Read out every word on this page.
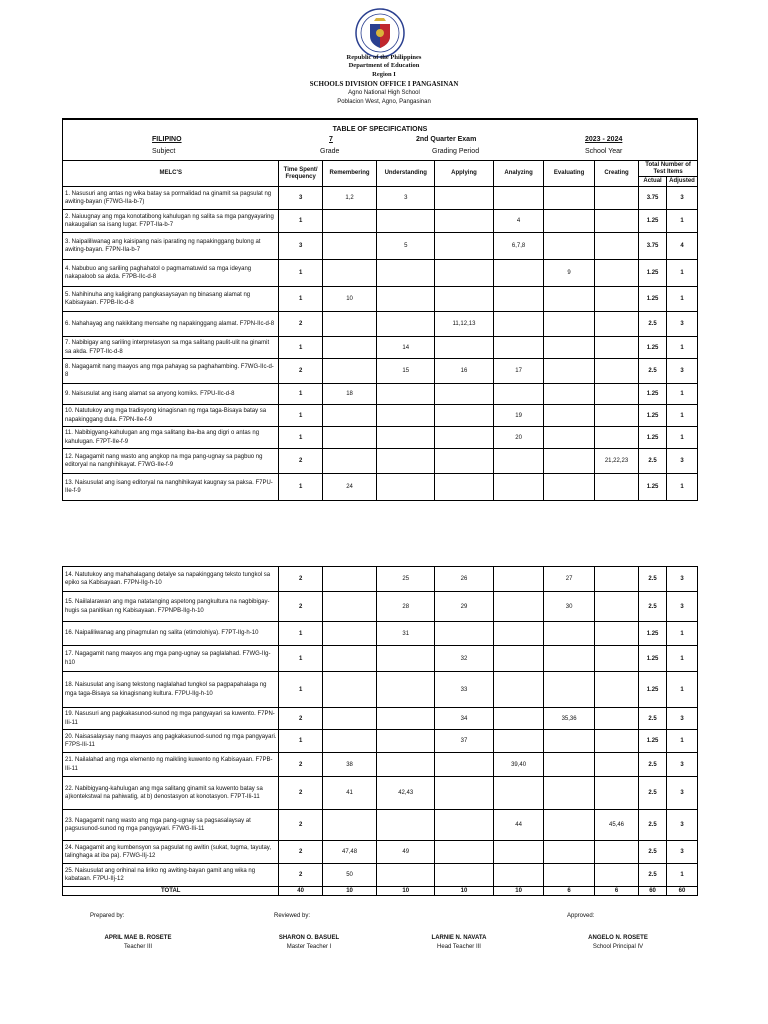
Republic of the Philippines
Department of Education
Region I
SCHOOLS DIVISION OFFICE I PANGASINAN
Agno National High School
Poblacion West, Agno, Pangasinan
TABLE OF SPECIFICATIONS
FILIPINO
Subject
7
Grade
2nd Quarter Exam
Grading Period
2023 - 2024
School Year
MELC'S	Time Spent/ Frequency	Remembering	Understanding	Applying	Analyzing	Evaluating	Creating	Total Number of Test Items	
								Actual	Adjusted
1. Nasusuri ang antas ng wika batay sa pormalidad na ginamit sa pagsulat ng awiting-bayan (F7WG-IIa-b-7)	3	1,2	3					3.75	3
2. Naiuugnay ang mga konotatibong kahulugan ng salita sa mga pangyayaring nakaugalian sa isang lugar. F7PT-IIa-b-7	1				4			1.25	1
3. Naipaliliwanag ang kaisipang nais iparating ng napakinggang bulong at awiting-bayan. F7PN-IIa-b-7	3		5		6,7,8			3.75	4
4. Nabubuo ang sariling paghahatol o pagmamatuwid sa mga ideyang nakapaloob sa akda. F7PB-IIc-d-8	1					9		1.25	1
5. Nahihinuha ang kaligirang pangkasaysayan ng binasang alamat ng Kabisayaan. F7PB-IIc-d-8	1	10						1.25	1
6. Nahahayag ang nakikitang mensahe ng napakinggang alamat. F7PN-IIc-d-8	2			11,12,13				2.5	3
7. Nabibigay ang sariling interpretasyon sa mga salitang paulit-ulit na ginamit sa akda. F7PT-IIc-d-8	1		14					1.25	1
8. Nagagamit nang maayos ang mga pahayag sa paghahambing. F7WG-IIc-d-8	2		15	16	17			2.5	3
9. Naisusulat ang isang alamat sa anyong komiks. F7PU-IIc-d-8	1	18						1.25	1
10. Natutukoy ang mga tradisyong kinagisnan ng mga taga-Bisaya batay sa napakinggang dula. F7PN-IIe-f-9	1				19			1.25	1
11. Nabibigyang-kahulugan ang mga salitang iba-iba ang digri o antas ng kahulugan. F7PT-IIe-f-9	1				20			1.25	1
12. Nagagamit nang wasto ang angkop na mga pang-ugnay sa pagbuo ng editoryal na nanghihikayat. F7WG-IIe-f-9	2						21,22,23	2.5	3
13. Naisusulat ang isang editoryal na nanghihikayat kaugnay sa paksa. F7PU-IIe-f-9	1	24						1.25	1
14. Natutukoy ang mahahalagang detalye sa napakinggang teksto tungkol sa epiko sa Kabisayaan. F7PN-IIg-h-10	2		25	26		27		2.5	3
15. Naiilalarawan ang mga natatanging aspetong pangkultura na nagbibigay-hugis sa panitikan ng Kabisayaan. F7PNPB-IIg-h-10	2		28	29		30		2.5	3
16. Naipaliliwanag ang pinagmulan ng salita (etimolohiya). F7PT-IIg-h-10	1		31					1.25	1
17. Nagagamit nang maayos ang mga pang-ugnay sa paglalahad. F7WG-IIg-h10	1			32				1.25	1
18. Naisusulat ang isang tekstong naglalahad tungkol sa pagpapahalaga ng mga taga-Bisaya sa kinagisnang kultura. F7PU-IIg-h-10	1			33				1.25	1
19. Nasusuri ang pagkakasunod-sunod ng mga pangyayari sa kuwento. F7PN-IIi-11	2			34		35,36		2.5	3
20. Naisasalaysay nang maayos ang pagkakasunod-sunod ng mga pangyayari. F7PS-IIi-11	1			37				1.25	1
21. Nailalahad ang mga elemento ng maikling kuwento ng Kabisayaan. F7PB-IIi-11	2	38			39,40			2.5	3
22. Nabibigyang-kahulugan ang mga salitang ginamit sa kuwento batay sa a)kontekstwal na pahiwatig, at b) denostasyon at konotasyon. F7PT-IIi-11	2	41	42,43					2.5	3
23. Nagagamit nang wasto ang mga pang-ugnay sa pagsasalaysay at pagsusunod-sunod ng mga pangyayari. F7WG-IIi-11	2				44		45,46	2.5	3
24. Nagagamit ang kumbensyon sa pagsulat ng awitin (sukat, tugma, tayutay, talinghaga at iba pa). F7WG-IIj-12	2	47,48	49					2.5	3
25. Naisusulat ang orihinal na liriko ng awiting-bayan gamit ang wika ng kabataan. F7PU-IIj-12	2	50						2.5	1
TOTAL	40	10	10	10	10	6	6	60	60
Prepared by:	Reviewed by:	Approved:
APRIL MAE B. ROSETE
Teacher III
SHARON O. BASUEL
Master Teacher I
LARNIE N. NAVATA
Head Teacher III
ANGELO N. ROSETE
School Principal IV
